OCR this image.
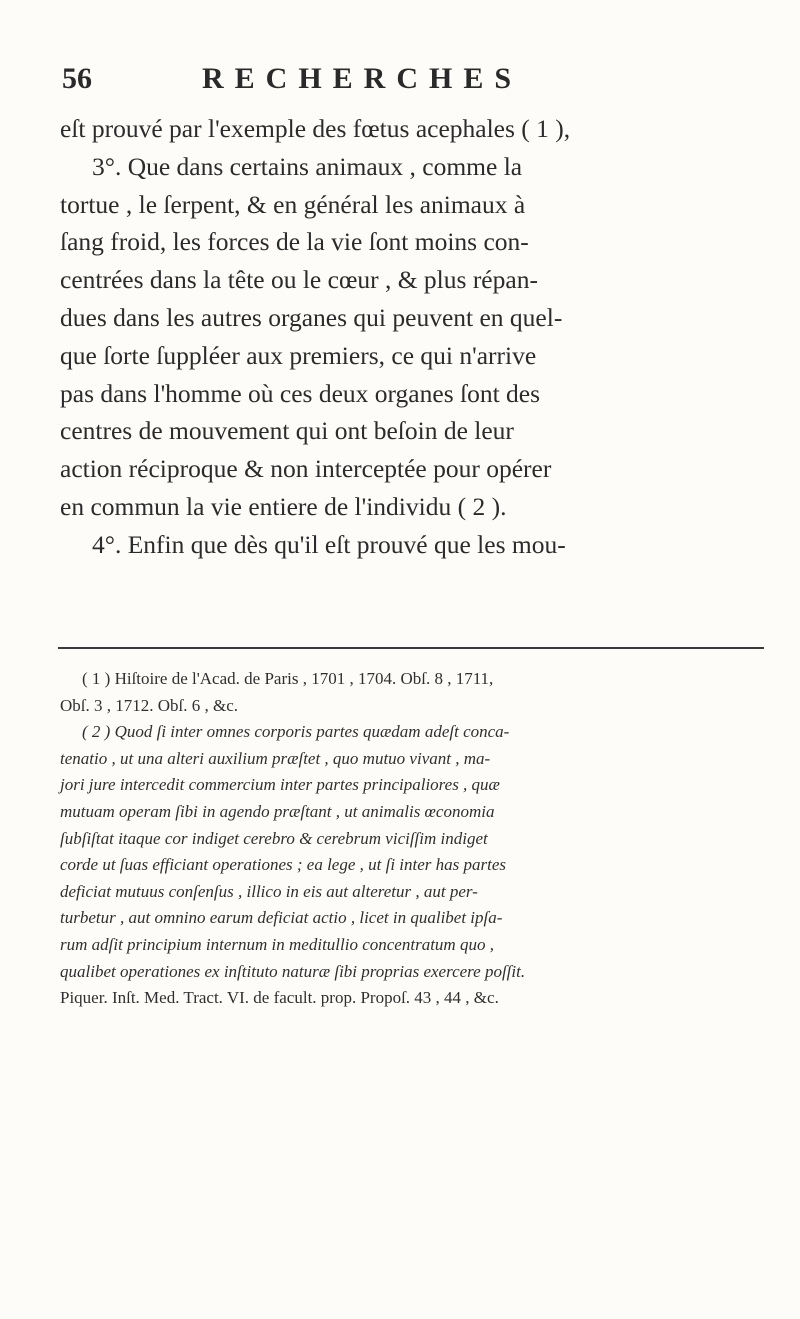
56	RECHERCHES
eſt prouvé par l'exemple des fœtus acephales ( 1 ),
3°. Que dans certains animaux , comme la
tortue , le ſerpent, & en général les animaux à
ſang froid, les forces de la vie ſont moins con-
centrées dans la tête ou le cœur , & plus répan-
dues dans les autres organes qui peuvent en quel-
que ſorte ſuppléer aux premiers, ce qui n'arrive
pas dans l'homme où ces deux organes ſont des
centres de mouvement qui ont beſoin de leur
action réciproque & non interceptée pour opérer
en commun la vie entiere de l'individu ( 2 ).
4°. Enfin que dès qu'il eſt prouvé que les mou-
( 1 ) Hiſtoire de l'Acad. de Paris , 1701 , 1704. Obſ. 8 , 1711,
Obſ. 3 , 1712. Obſ. 6 , &c.
( 2 ) Quod ſi inter omnes corporis partes quædam adeſt conca-
tenatio , ut una alteri auxilium præſtet , quo mutuo vivant , ma-
jori jure intercedit commercium inter partes principaliores , quæ
mutuam operam ſibi in agendo præſtant , ut animalis œconomia
ſubſiſtat itaque cor indiget cerebro & cerebrum viciſſim indiget
corde ut ſuas efficiant operationes ; ea lege , ut ſi inter has partes
deficiat mutuus conſenſus , illico in eis aut alteretur , aut per-
turbetur , aut omnino earum deficiat actio , licet in qualibet ipſa-
rum adſit principium internum in meditullio concentratum quo ,
qualibet operationes ex inſtituto naturæ ſibi proprias exercere poſſit.
Piquer. Inſt. Med. Tract. VI. de facult. prop. Propoſ. 43 , 44 , &c.
